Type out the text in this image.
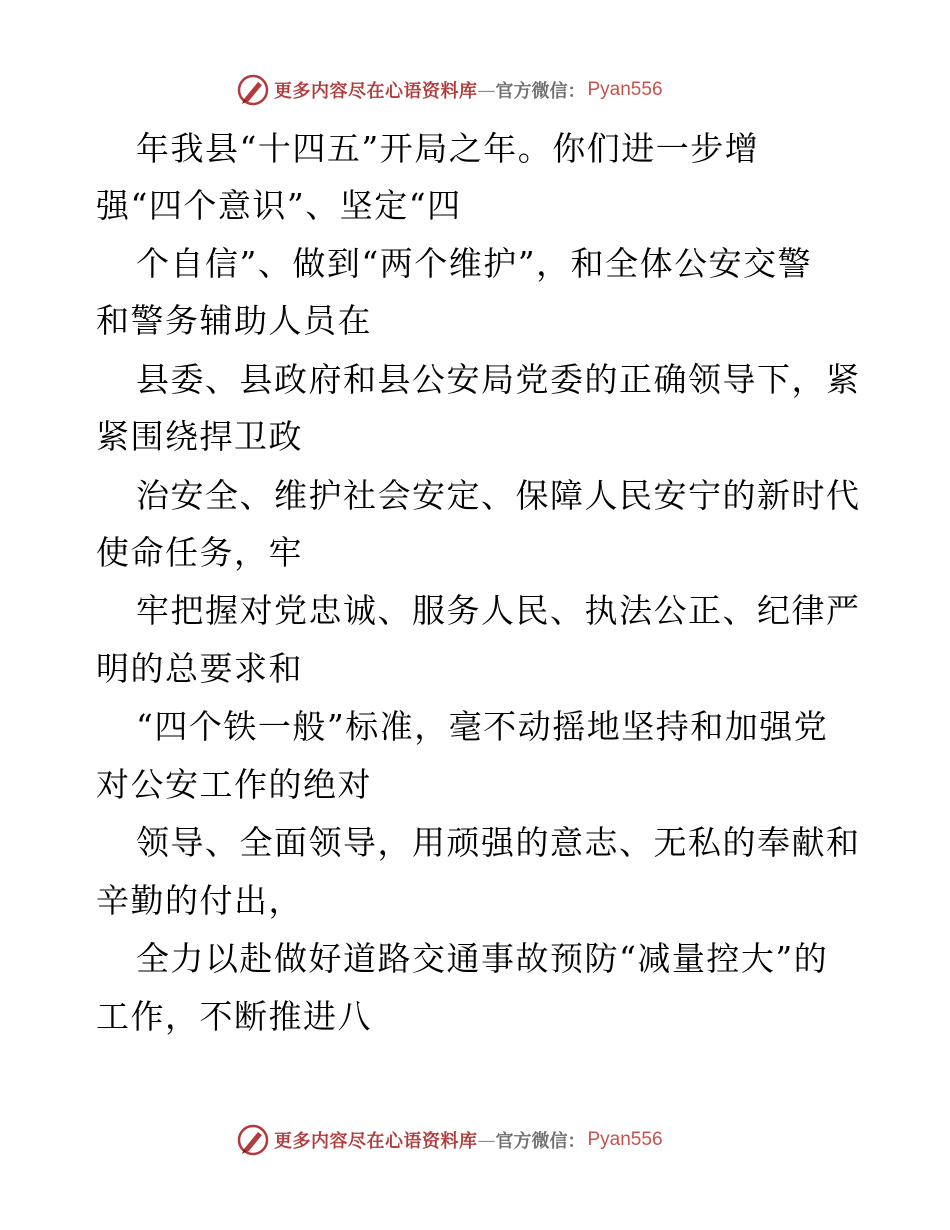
更多内容尽在心语资料库 — 官方微信： Pyan556
年我县“十四五”开局之年。你们进一步增
强“四个意识”、坚定“四
个自信”、做到“两个维护”，和全体公安交警
和警务辅助人员在
县委、县政府和县公安局党委的正确领导下，紧
紧围绕捍卫政
治安全、维护社会安定、保障人民安宁的新时代
使命任务，牢
牢把握对党忠诚、服务人民、执法公正、纪律严
明的总要求和
“四个铁一般”标准，毫不动摇地坚持和加强党
对公安工作的绝对
领导、全面领导，用顽强的意志、无私的奉献和
辛勤的付出，
全力以赴做好道路交通事故预防“减量控大”的
工作，不断推进八
更多内容尽在心语资料库 — 官方微信： Pyan556
